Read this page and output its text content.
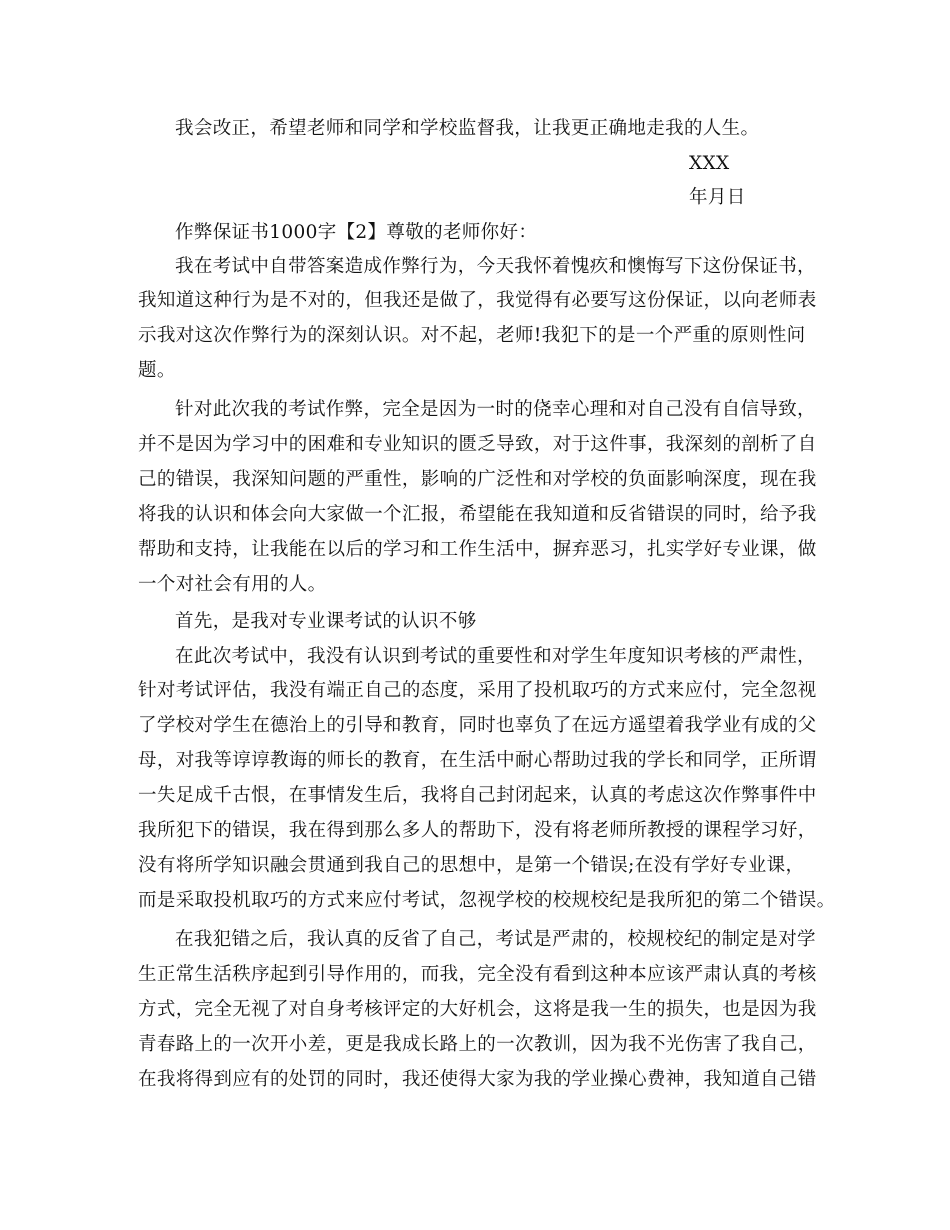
我会改正，希望老师和同学和学校监督我，让我更正确地走我的人生。
XXX
年月日
作弊保证书1000字【2】尊敬的老师你好：
我在考试中自带答案造成作弊行为，今天我怀着愧疚和懊悔写下这份保证书，
我知道这种行为是不对的，但我还是做了，我觉得有必要写这份保证，以向老师表
示我对这次作弊行为的深刻认识。对不起，老师!我犯下的是一个严重的原则性问
题。
针对此次我的考试作弊，完全是因为一时的侥幸心理和对自己没有自信导致，
并不是因为学习中的困难和专业知识的匮乏导致，对于这件事，我深刻的剖析了自
己的错误，我深知问题的严重性，影响的广泛性和对学校的负面影响深度，现在我
将我的认识和体会向大家做一个汇报，希望能在我知道和反省错误的同时，给予我
帮助和支持，让我能在以后的学习和工作生活中，摒弃恶习，扎实学好专业课，做
一个对社会有用的人。
首先，是我对专业课考试的认识不够
在此次考试中，我没有认识到考试的重要性和对学生年度知识考核的严肃性，
针对考试评估，我没有端正自己的态度，采用了投机取巧的方式来应付，完全忽视
了学校对学生在德治上的引导和教育，同时也辜负了在远方遥望着我学业有成的父
母，对我等谆谆教诲的师长的教育，在生活中耐心帮助过我的学长和同学，正所谓
一失足成千古恨，在事情发生后，我将自己封闭起来，认真的考虑这次作弊事件中
我所犯下的错误，我在得到那么多人的帮助下，没有将老师所教授的课程学习好，
没有将所学知识融会贯通到我自己的思想中，是第一个错误;在没有学好专业课，
而是采取投机取巧的方式来应付考试，忽视学校的校规校纪是我所犯的第二个错误。
在我犯错之后，我认真的反省了自己，考试是严肃的，校规校纪的制定是对学
生正常生活秩序起到引导作用的，而我，完全没有看到这种本应该严肃认真的考核
方式，完全无视了对自身考核评定的大好机会，这将是我一生的损失，也是因为我
青春路上的一次开小差，更是我成长路上的一次教训，因为我不光伤害了我自己，
在我将得到应有的处罚的同时，我还使得大家为我的学业操心费神，我知道自己错
